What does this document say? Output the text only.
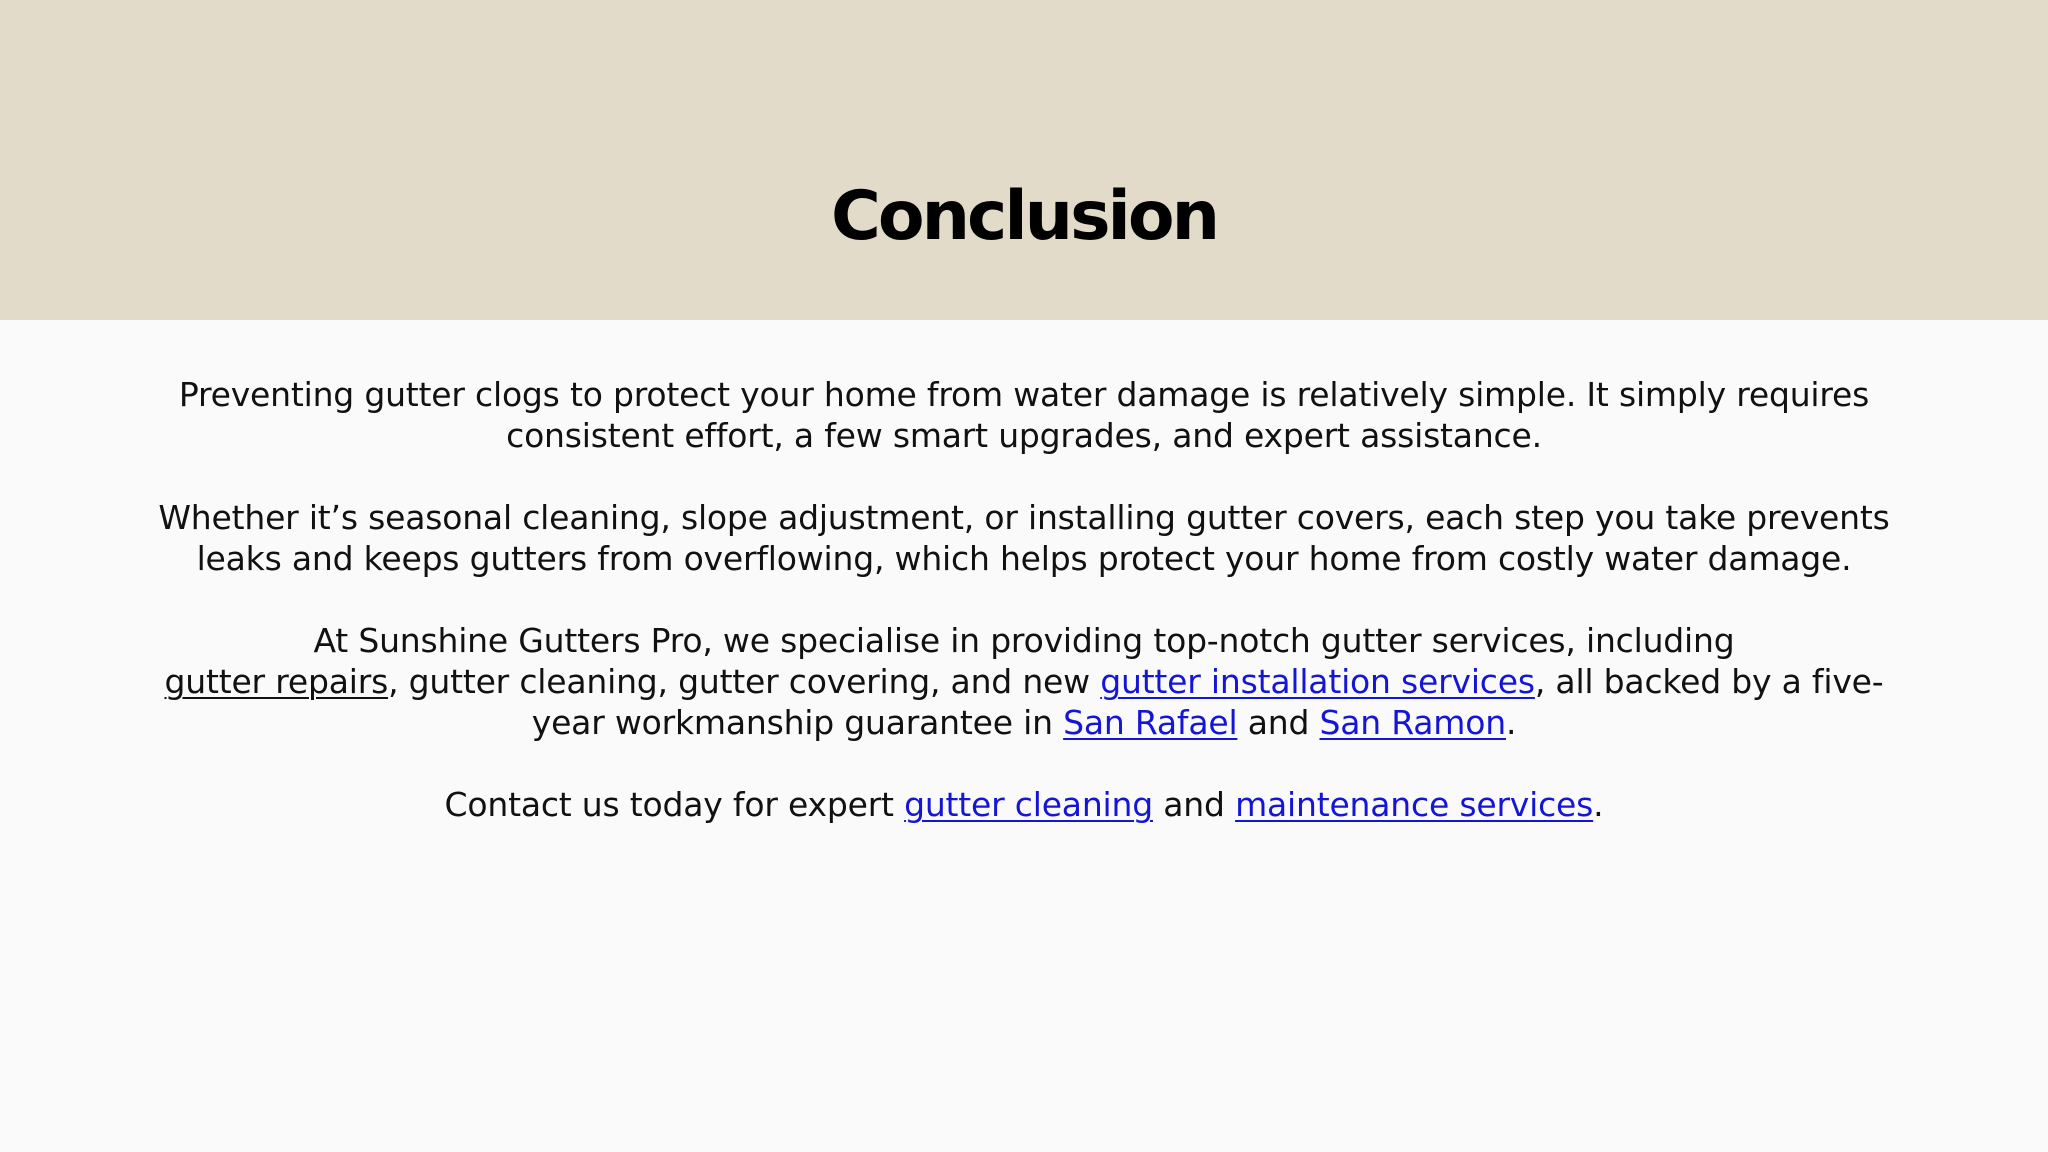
Conclusion

Preventing gutter clogs to protect your home from water damage is relatively simple. It simply requires consistent effort, a few smart upgrades, and expert assistance.

Whether it’s seasonal cleaning, slope adjustment, or installing gutter covers, each step you take prevents leaks and keeps gutters from overflowing, which helps protect your home from costly water damage.

At Sunshine Gutters Pro, we specialise in providing top-notch gutter services, including
gutter repairs, gutter cleaning, gutter covering, and new gutter installation services, all backed by a five-year workmanship guarantee in San Rafael and San Ramon.

Contact us today for expert gutter cleaning and maintenance services.
